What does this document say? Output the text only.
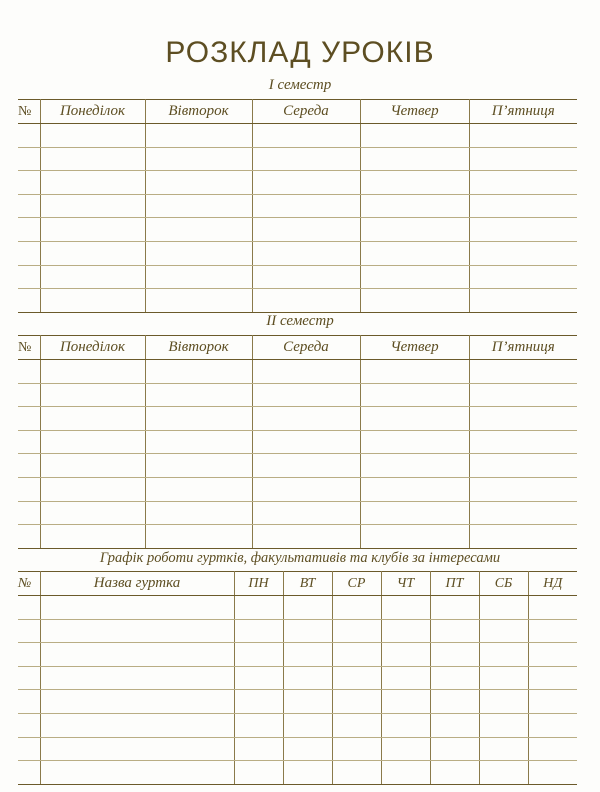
РОЗКЛАД УРОКІВ
І семестр
№	Понеділок	Вівторок	Середа	Четвер	П’ятниця

ІІ семестр
№	Понеділок	Вівторок	Середа	Четвер	П’ятниця

Графік роботи гуртків, факультативів та клубів за інтересами
№	Назва гуртка	ПН	ВТ	СР	ЧТ	ПТ	СБ	НД
